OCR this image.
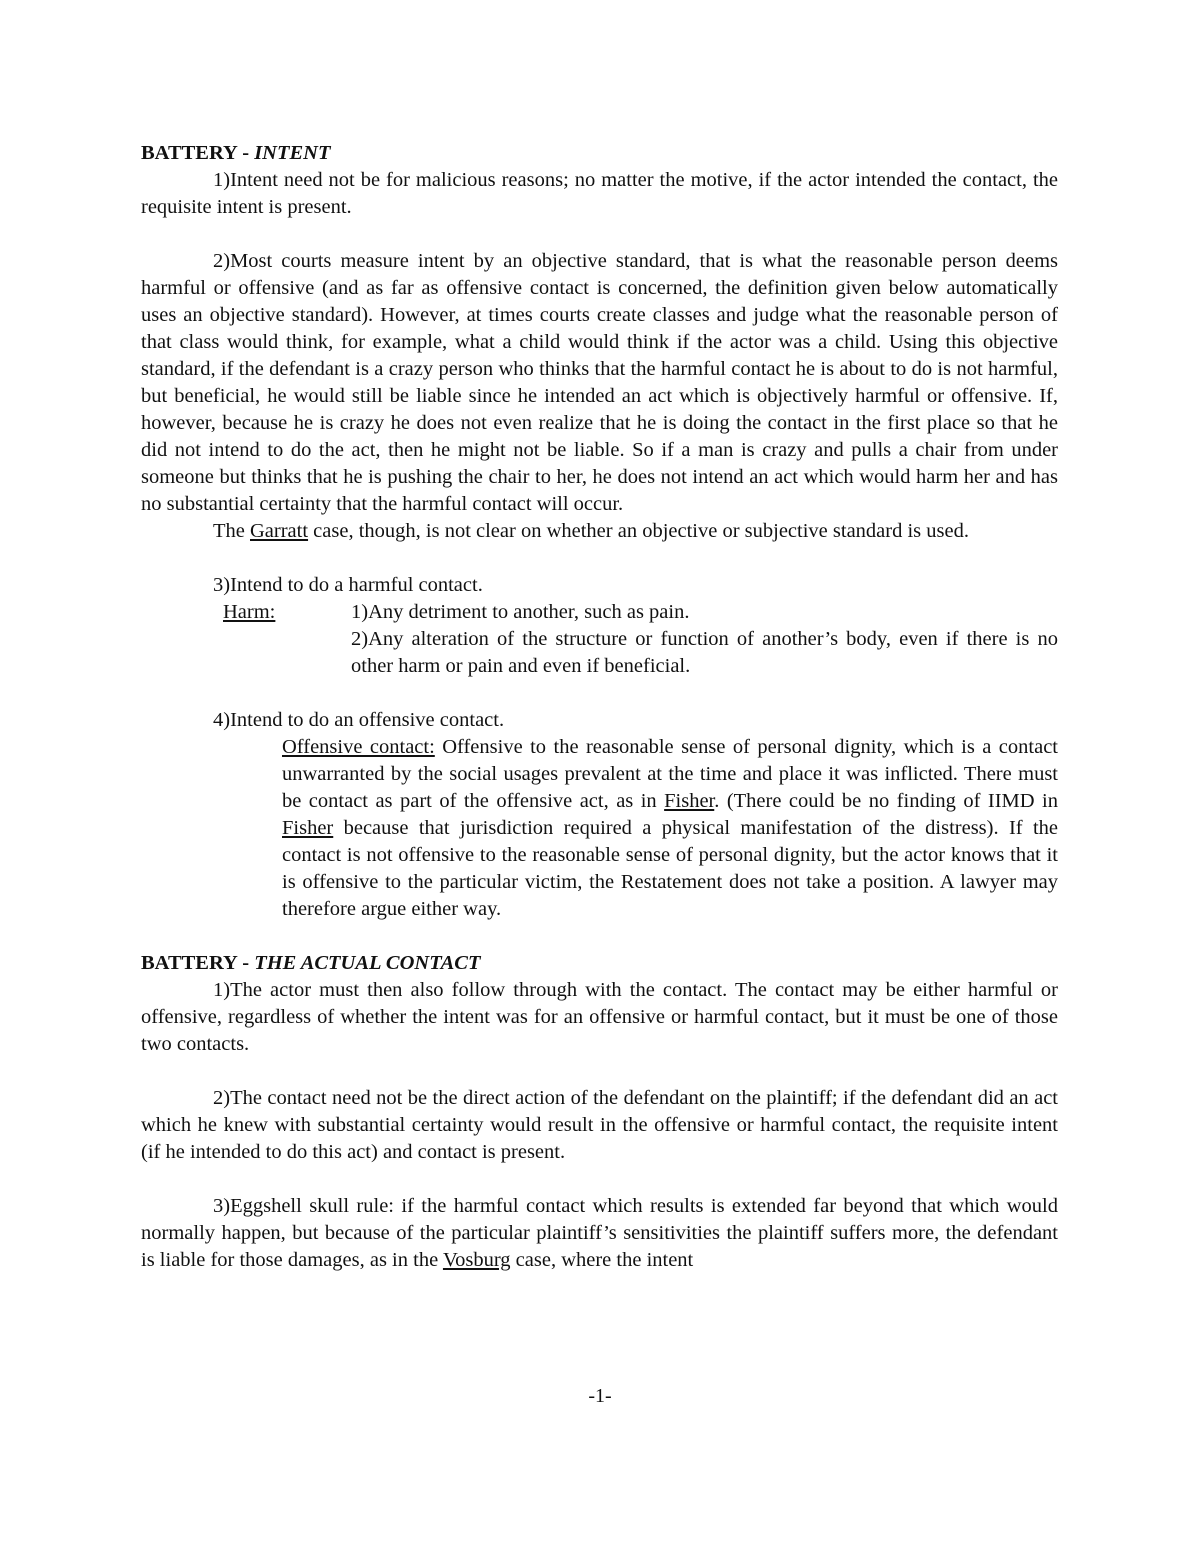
BATTERY - INTENT

1)Intent need not be for malicious reasons; no matter the motive, if the actor intended the contact, the requisite intent is present.

2)Most courts measure intent by an objective standard, that is what the reasonable person deems harmful or offensive (and as far as offensive contact is concerned, the definition given below automatically uses an objective standard). However, at times courts create classes and judge what the reasonable person of that class would think, for example, what a child would think if the actor was a child. Using this objective standard, if the defendant is a crazy person who thinks that the harmful contact he is about to do is not harmful, but beneficial, he would still be liable since he intended an act which is objectively harmful or offensive. If, however, because he is crazy he does not even realize that he is doing the contact in the first place so that he did not intend to do the act, then he might not be liable. So if a man is crazy and pulls a chair from under someone but thinks that he is pushing the chair to her, he does not intend an act which would harm her and has no substantial certainty that the harmful contact will occur.

The Garratt case, though, is not clear on whether an objective or subjective standard is used.

3)Intend to do a harmful contact.

Harm:	1)Any detriment to another, such as pain.
2)Any alteration of the structure or function of another’s body, even if there is no other harm or pain and even if beneficial.

4)Intend to do an offensive contact.

Offensive contact: Offensive to the reasonable sense of personal dignity, which is a contact unwarranted by the social usages prevalent at the time and place it was inflicted. There must be contact as part of the offensive act, as in Fisher. (There could be no finding of IIMD in Fisher because that jurisdiction required a physical manifestation of the distress). If the contact is not offensive to the reasonable sense of personal dignity, but the actor knows that it is offensive to the particular victim, the Restatement does not take a position. A lawyer may therefore argue either way.

BATTERY - THE ACTUAL CONTACT

1)The actor must then also follow through with the contact. The contact may be either harmful or offensive, regardless of whether the intent was for an offensive or harmful contact, but it must be one of those two contacts.

2)The contact need not be the direct action of the defendant on the plaintiff; if the defendant did an act which he knew with substantial certainty would result in the offensive or harmful contact, the requisite intent (if he intended to do this act) and contact is present.

3)Eggshell skull rule: if the harmful contact which results is extended far beyond that which would normally happen, but because of the particular plaintiff’s sensitivities the plaintiff suffers more, the defendant is liable for those damages, as in the Vosburg case, where the intent

-1-
